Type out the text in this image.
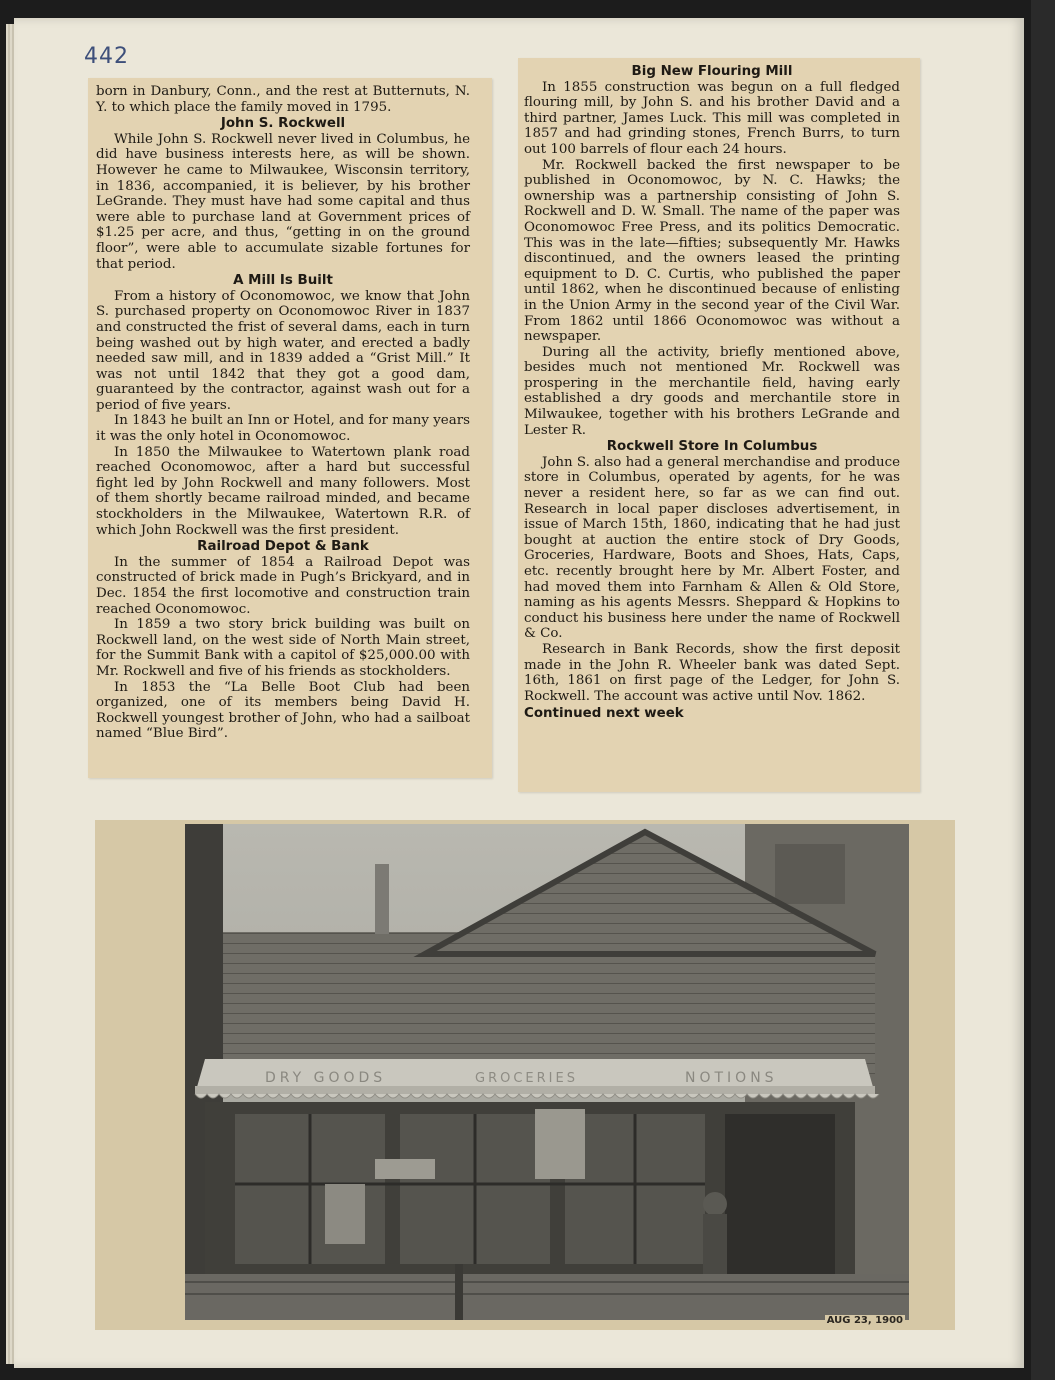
442

born in Danbury, Conn., and the rest at Butternuts, N. Y. to which place the family moved in 1795.

John S. Rockwell

While John S. Rockwell never lived in Columbus, he did have business interests here, as will be shown. However he came to Milwaukee, Wisconsin territory, in 1836, accompanied, it is believer, by his brother LeGrande. They must have had some capital and thus were able to purchase land at Government prices of $1.25 per acre, and thus, “getting in on the ground floor”, were able to accumulate sizable fortunes for that period.

A Mill Is Built

From a history of Oconomowoc, we know that John S. purchased property on Oconomowoc River in 1837 and constructed the frist of several dams, each in turn being washed out by high water, and erected a badly needed saw mill, and in 1839 added a “Grist Mill.” It was not until 1842 that they got a good dam, guaranteed by the contractor, against wash out for a period of five years.

In 1843 he built an Inn or Hotel, and for many years it was the only hotel in Oconomowoc.

In 1850 the Milwaukee to Watertown plank road reached Oconomowoc, after a hard but successful fight led by John Rockwell and many followers. Most of them shortly became railroad minded, and became stockholders in the Milwaukee, Watertown R.R. of which John Rockwell was the first president.

Railroad Depot & Bank

In the summer of 1854 a Railroad Depot was constructed of brick made in Pugh’s Brickyard, and in Dec. 1854 the first locomotive and construction train reached Oconomowoc.

In 1859 a two story brick building was built on Rockwell land, on the west side of North Main street, for the Summit Bank with a capitol of $25,000.00 with Mr. Rockwell and five of his friends as stockholders.

In 1853 the “La Belle Boot Club had been organized, one of its members being David H. Rockwell youngest brother of John, who had a sailboat named “Blue Bird”.

Big New Flouring Mill

In 1855 construction was begun on a full fledged flouring mill, by John S. and his brother David and a third partner, James Luck. This mill was completed in 1857 and had grinding stones, French Burrs, to turn out 100 barrels of flour each 24 hours.

Mr. Rockwell backed the first newspaper to be published in Oconomowoc, by N. C. Hawks; the ownership was a partnership consisting of John S. Rockwell and D. W. Small. The name of the paper was Oconomowoc Free Press, and its politics Democratic. This was in the late—fifties; subsequently Mr. Hawks discontinued, and the owners leased the printing equipment to D. C. Curtis, who published the paper until 1862, when he discontinued because of enlisting in the Union Army in the second year of the Civil War. From 1862 until 1866 Oconomowoc was without a newspaper.

During all the activity, briefly mentioned above, besides much not mentioned Mr. Rockwell was prospering in the merchantile field, having early established a dry goods and merchantile store in Milwaukee, together with his brothers LeGrande and Lester R.

Rockwell Store In Columbus

John S. also had a general merchandise and produce store in Columbus, operated by agents, for he was never a resident here, so far as we can find out. Research in local paper discloses advertisement, in issue of March 15th, 1860, indicating that he had just bought at auction the entire stock of Dry Goods, Groceries, Hardware, Boots and Shoes, Hats, Caps, etc. recently brought here by Mr. Albert Foster, and had moved them into Farnham & Allen & Old Store, naming as his agents Messrs. Sheppard & Hopkins to conduct his business here under the name of Rockwell & Co.

Research in Bank Records, show the first deposit made in the John R. Wheeler bank was dated Sept. 16th, 1861 on first page of the Ledger, for John S. Rockwell. The account was active until Nov. 1862.

Continued next week

DRY GOODS	GROCERIES	NOTIONS
AUG 23, 1900
